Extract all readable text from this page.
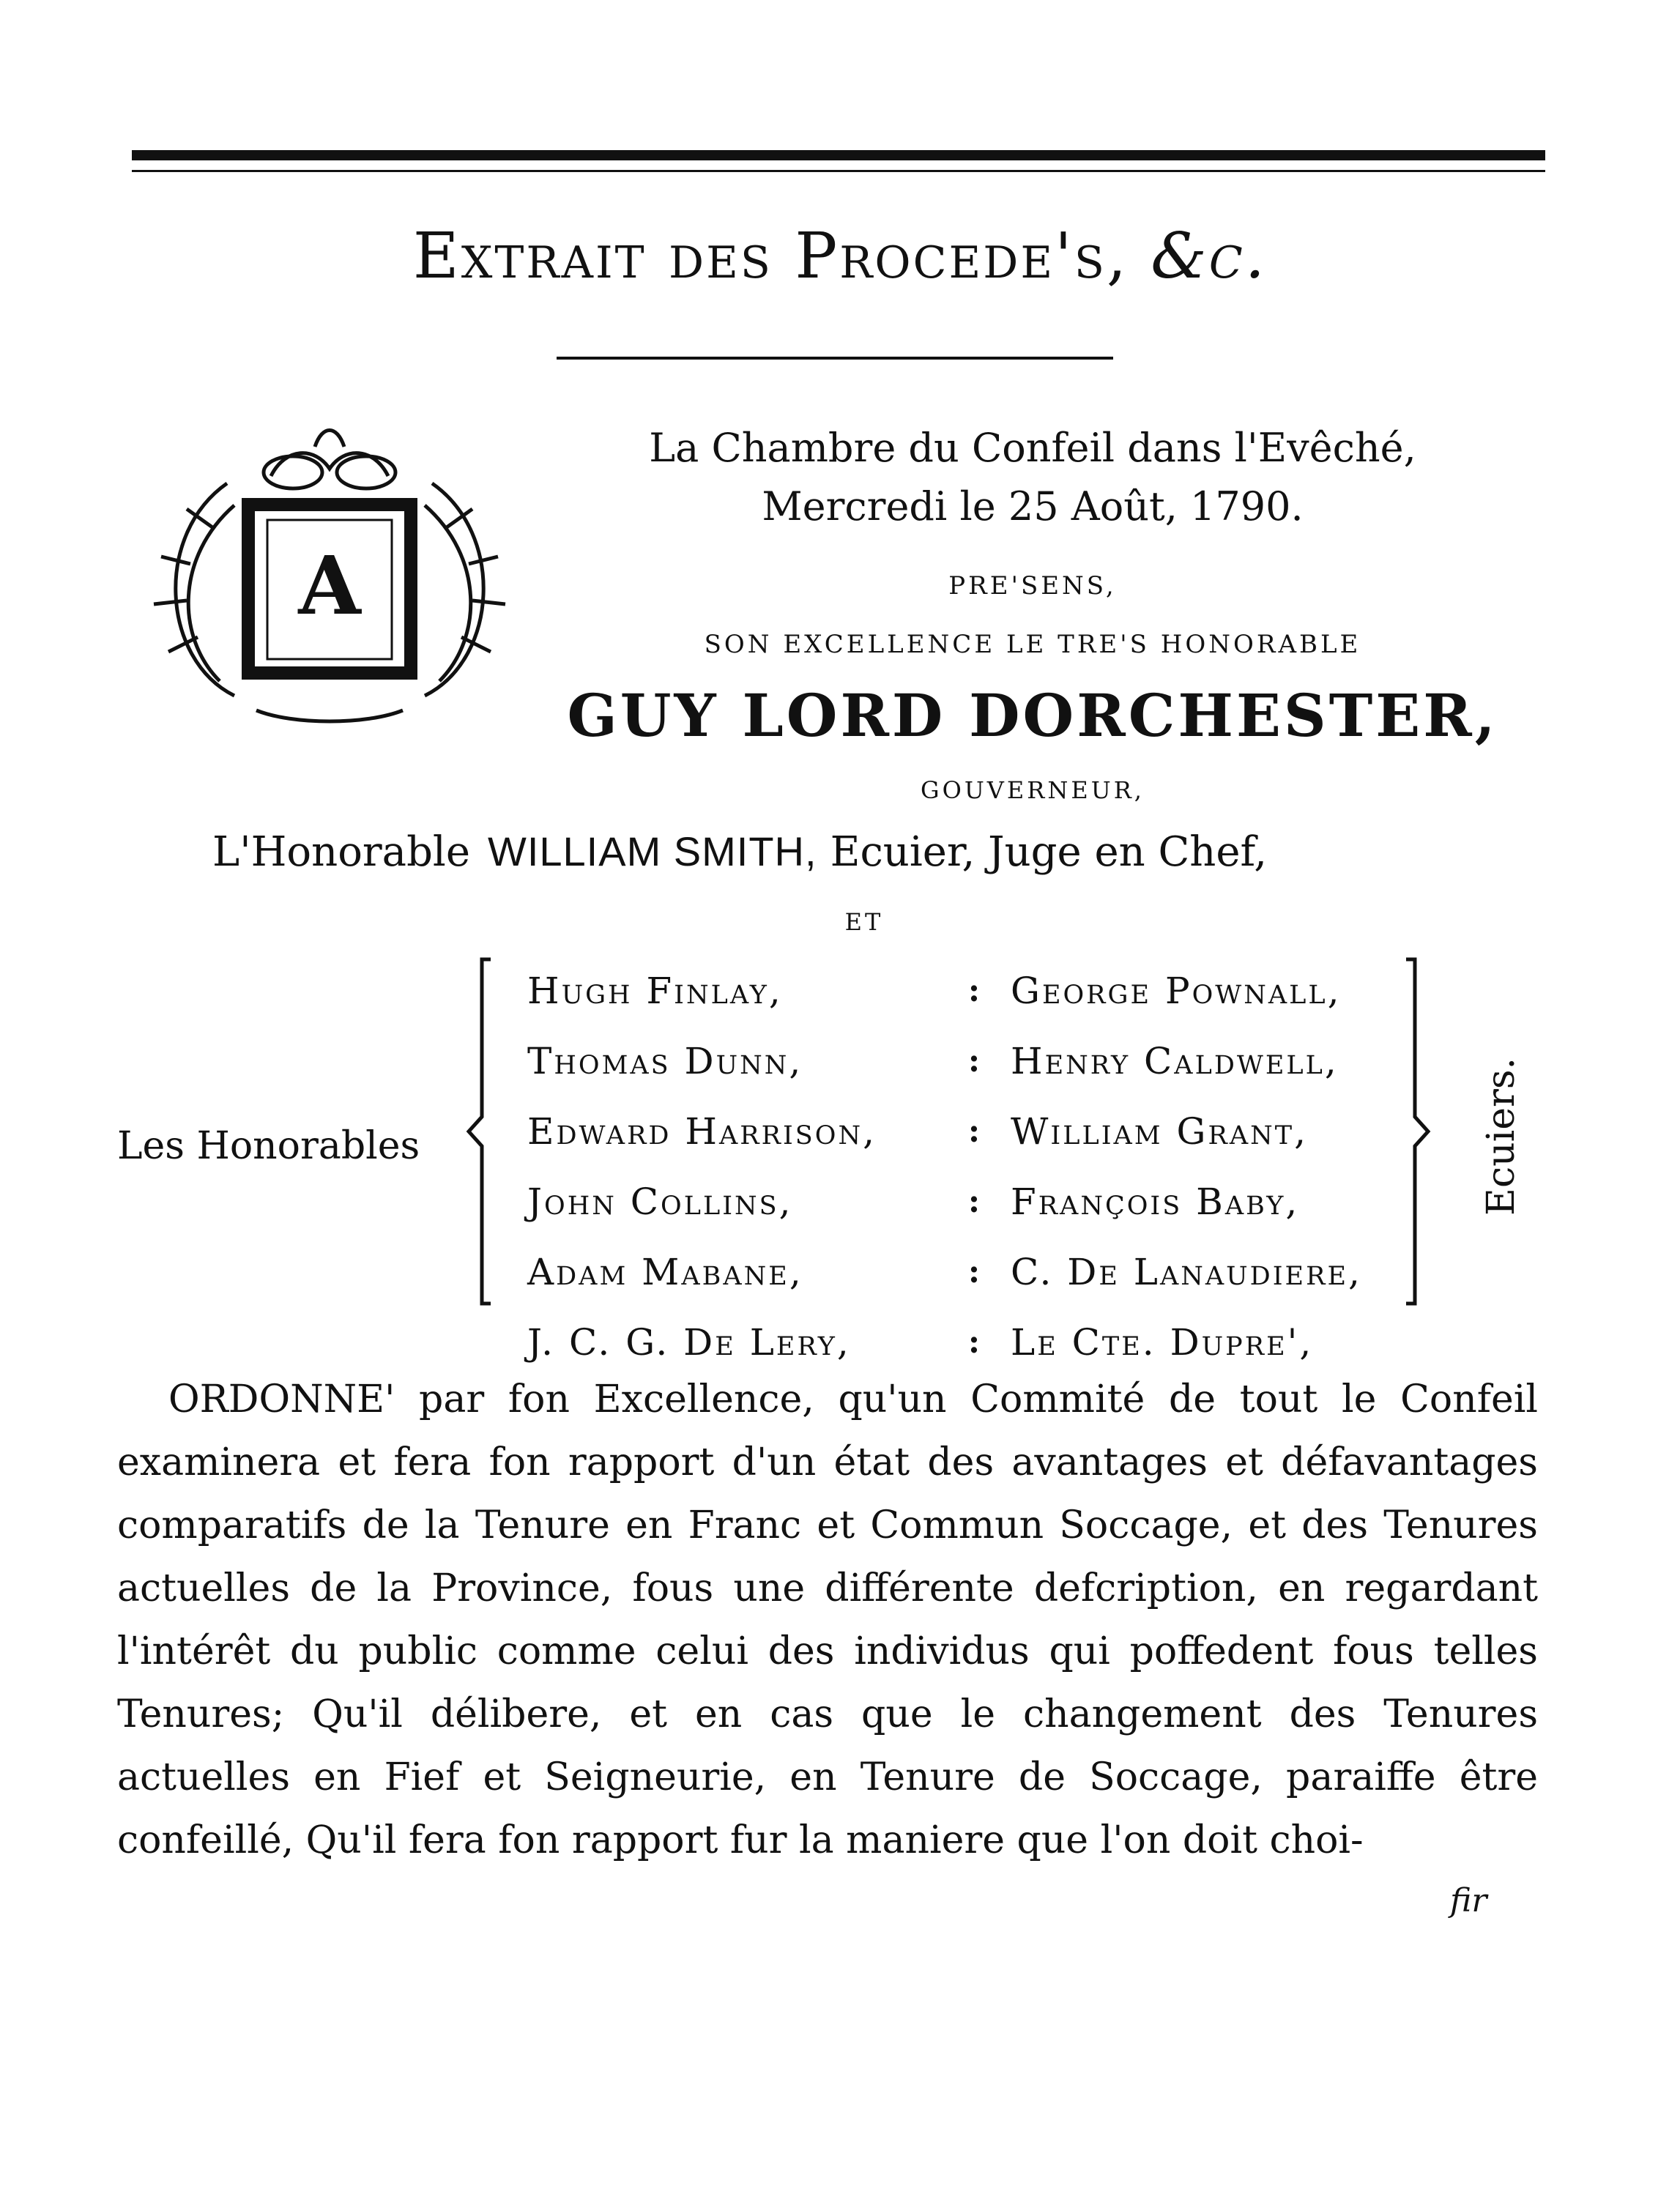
Extrait des Procede's, &c.
A
La Chambre du Confeil dans l'Evêché,
Mercredi le 25 Août, 1790.
PRE'SENS,
SON EXCELLENCE LE TRE'S HONORABLE
GUY LORD DORCHESTER,
GOUVERNEUR,
L'Honorable WILLIAM SMITH, Ecuier, Juge en Chef,
ET
Les Honorables
Hugh Finlay,
Thomas Dunn,
Edward Harrison,
John Collins,
Adam Mabane,
J. C. G. De Lery,
:
:
:
:
:
:
George Pownall,
Henry Caldwell,
William Grant,
François Baby,
C. De Lanaudiere,
Le Cte. Dupre',
Ecuiers.
ORDONNE' par fon Excellence, qu'un Commité de tout le Confeil examinera et fera fon rapport d'un état des avantages et défavantages comparatifs de la Tenure en Franc et Commun Soccage, et des Tenures actuelles de la Province, fous une différente defcription, en regardant l'intérêt du public comme celui des individus qui poffedent fous telles Tenures; Qu'il délibere, et en cas que le changement des Tenures actuelles en Fief et Seigneurie, en Tenure de Soccage, paraiffe être confeillé, Qu'il fera fon rapport fur la maniere que l'on doit choi-
fir
